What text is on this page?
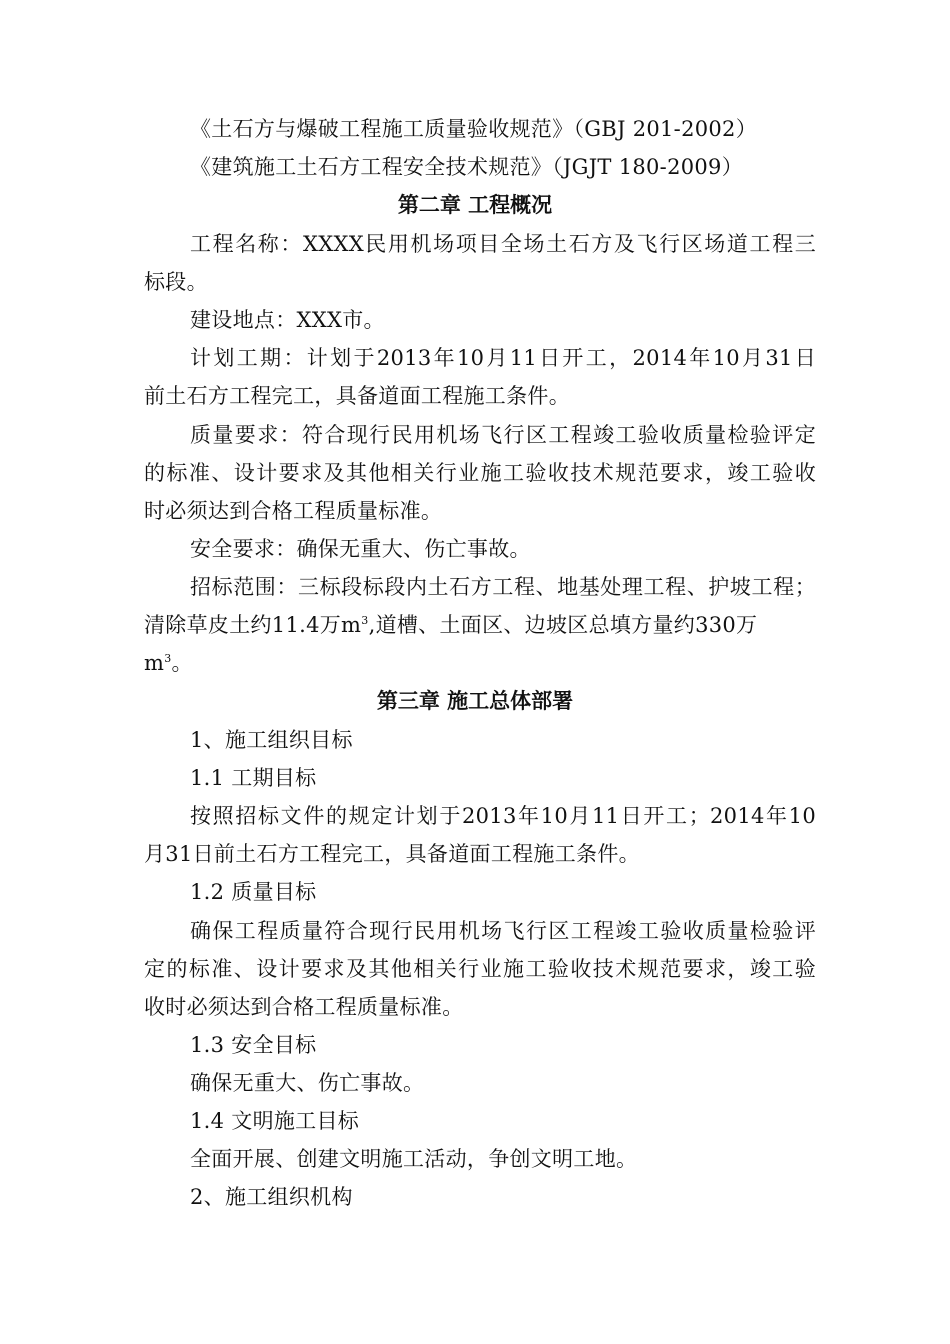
《土石方与爆破工程施工质量验收规范》（GBJ 201-2002）
《建筑施工土石方工程安全技术规范》（JGJT 180-2009）
第二章 工程概况
工程名称：XXXX民用机场项目全场土石方及飞行区场道工程三
标段。
建设地点：XXX市。
计划工期：计划于2013年10月11日开工，2014年10月31日
前土石方工程完工，具备道面工程施工条件。
质量要求：符合现行民用机场飞行区工程竣工验收质量检验评定
的标准、设计要求及其他相关行业施工验收技术规范要求，竣工验收
时必须达到合格工程质量标准。
安全要求：确保无重大、伤亡事故。
招标范围：三标段标段内土石方工程、地基处理工程、护坡工程；
清除草皮土约11.4万$m^3$,道槽、土面区、边坡区总填方量约330万
$m^3$。
第三章 施工总体部署
1、施工组织目标
1.1 工期目标
按照招标文件的规定计划于2013年10月11日开工；2014年10
月31日前土石方工程完工，具备道面工程施工条件。
1.2 质量目标
确保工程质量符合现行民用机场飞行区工程竣工验收质量检验评
定的标准、设计要求及其他相关行业施工验收技术规范要求，竣工验
收时必须达到合格工程质量标准。
1.3 安全目标
确保无重大、伤亡事故。
1.4 文明施工目标
全面开展、创建文明施工活动，争创文明工地。
2、施工组织机构
